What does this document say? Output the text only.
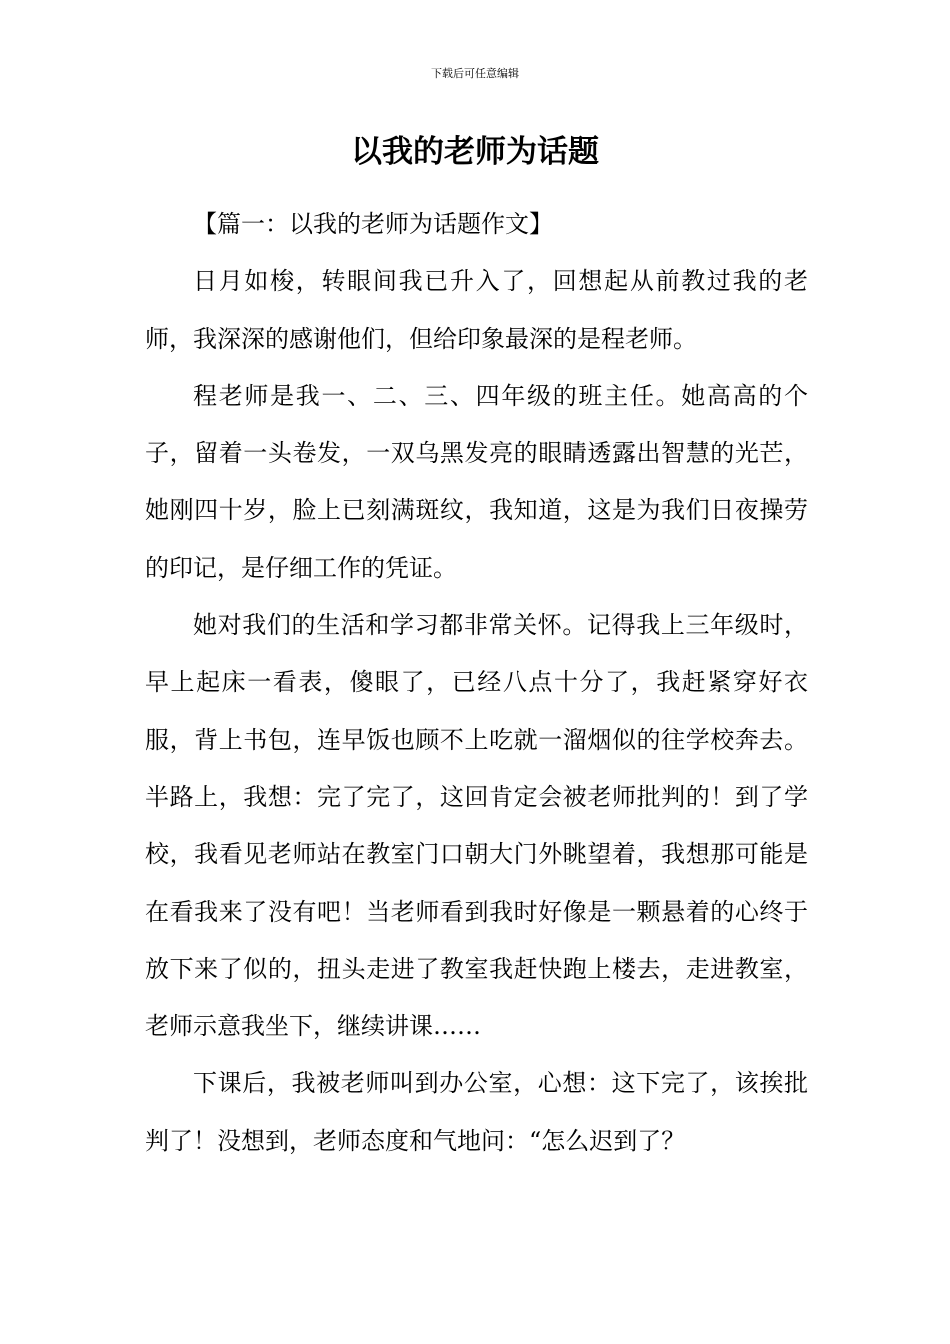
下载后可任意编辑
以我的老师为话题

【篇一：以我的老师为话题作文】

日月如梭，转眼间我已升入了，回想起从前教过我的老师，我深深的感谢他们，但给印象最深的是程老师。

程老师是我一、二、三、四年级的班主任。她高高的个子，留着一头卷发，一双乌黑发亮的眼睛透露出智慧的光芒，她刚四十岁，脸上已刻满斑纹，我知道，这是为我们日夜操劳的印记，是仔细工作的凭证。

她对我们的生活和学习都非常关怀。记得我上三年级时，早上起床一看表，傻眼了，已经八点十分了，我赶紧穿好衣服，背上书包，连早饭也顾不上吃就一溜烟似的往学校奔去。半路上，我想：完了完了，这回肯定会被老师批判的！到了学校，我看见老师站在教室门口朝大门外眺望着，我想那可能是在看我来了没有吧！当老师看到我时好像是一颗悬着的心终于放下来了似的，扭头走进了教室我赶快跑上楼去，走进教室，老师示意我坐下，继续讲课……

下课后，我被老师叫到办公室，心想：这下完了，该挨批判了！没想到，老师态度和气地问：“怎么迟到了？
